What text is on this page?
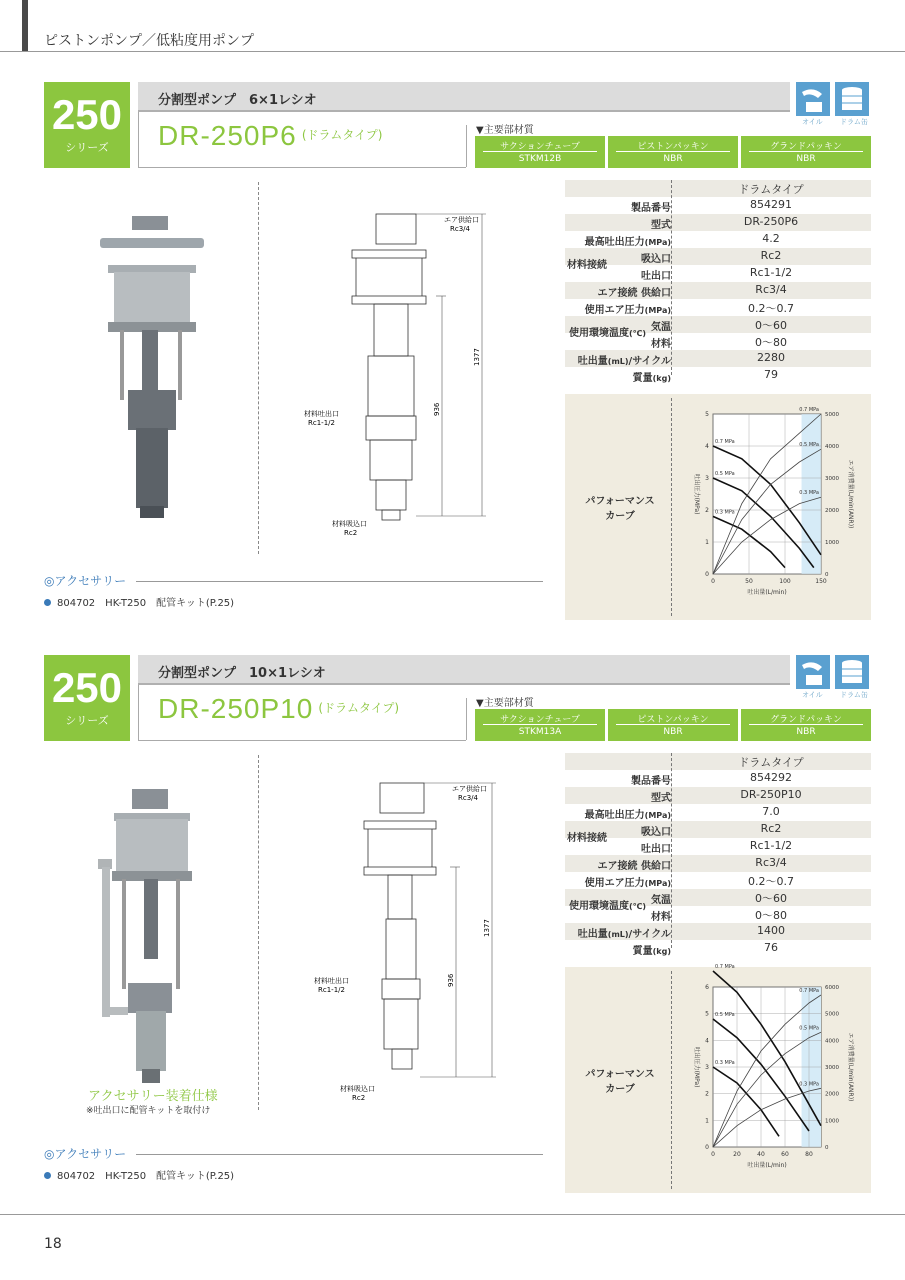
ピストンポンプ／低粘度用ポンプ
250
シリーズ
分割型ポンプ　6×1レシオ
DR-250P6 $^{(ドラムタイプ)}$
オイル ドラム缶
▼主要部材質
サクションチューブ
STKM12B
ピストンパッキン
NBR
グランドパッキン
NBR
1377
936
エア供給口
Rc3/4
材料吐出口
Rc1-1/2
材料吸込口
Rc2
ドラムタイプ
製品番号	854291
型式	DR-250P6
最高吐出圧力(MPa)	4.2
吸込口	Rc2
吐出口	Rc1-1/2
エア接続 供給口	Rc3/4
使用エア圧力(MPa)	0.2〜0.7
気温	0〜60
材料	0〜80
吐出量(mL)/サイクル	2280
質量(kg)	79
材料接続
使用環境温度(℃)
パフォーマンス
カーブ
0
1
2
3
4
5
0
1000
2000
3000
4000
5000
0	50	100	150
吐出量(L/min)
吐出圧力(MPa)	エア消費量(L/min(ANR))
0.7 MPa
0.5 MPa
0.3 MPa
0.7 MPa
0.5 MPa
0.3 MPa
◎アクセサリー
804702　HK-T250　配管キット(P.25)
250
シリーズ
分割型ポンプ　10×1レシオ
DR-250P10 $^{(ドラムタイプ)}$
オイル ドラム缶
▼主要部材質
サクションチューブ
STKM13A
ピストンパッキン
NBR
グランドパッキン
NBR
アクセサリー装着仕様
※吐出口に配管キットを取付け
1377
936
エア供給口
Rc3/4
材料吐出口
Rc1-1/2
材料吸込口
Rc2
ドラムタイプ
製品番号	854292
型式	DR-250P10
最高吐出圧力(MPa)	7.0
吸込口	Rc2
吐出口	Rc1-1/2
エア接続 供給口	Rc3/4
使用エア圧力(MPa)	0.2〜0.7
気温	0〜60
材料	0〜80
吐出量(mL)/サイクル	1400
質量(kg)	76
材料接続
使用環境温度(℃)
パフォーマンス
カーブ
0
1
2
3
4
5
6
0
1000
2000
3000
4000
5000
6000
0	20	40	60	80
吐出量(L/min)
吐出圧力(MPa)	エア消費量(L/min(ANR))
0.7 MPa
0.5 MPa
0.3 MPa
0.7 MPa
0.5 MPa
0.3 MPa
◎アクセサリー
804702　HK-T250　配管キット(P.25)
18
